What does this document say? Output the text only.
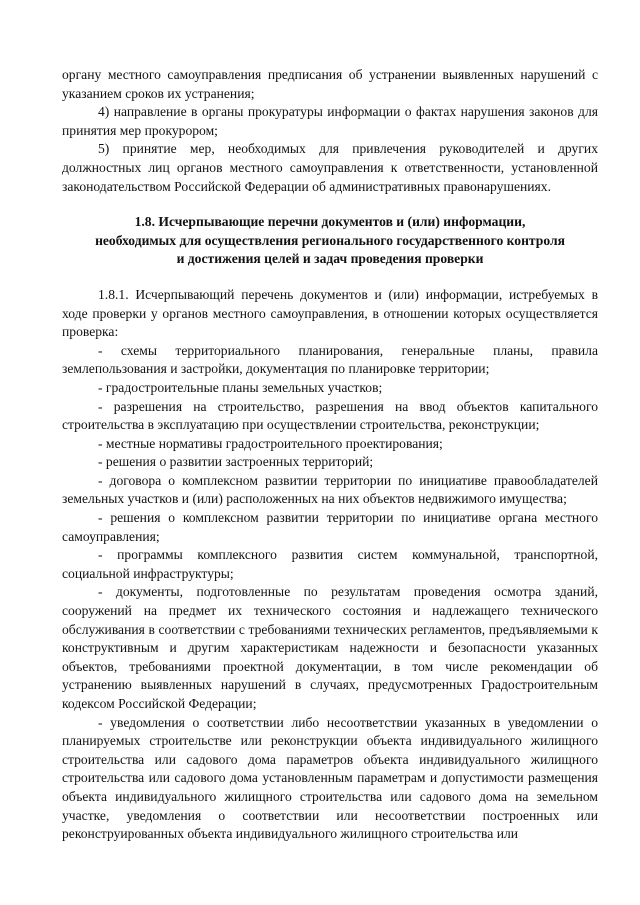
органу местного самоуправления предписания об устранении выявленных нарушений с указанием сроков их устранения;

4) направление в органы прокуратуры информации о фактах нарушения законов для принятия мер прокурором;

5) принятие мер, необходимых для привлечения руководителей и других должностных лиц органов местного самоуправления к ответственности, установленной законодательством Российской Федерации об административных правонарушениях.

1.8. Исчерпывающие перечни документов и (или) информации,
необходимых для осуществления регионального государственного контроля
и достижения целей и задач проведения проверки

1.8.1. Исчерпывающий перечень документов и (или) информации, истребуемых в ходе проверки у органов местного самоуправления, в отношении которых осуществляется проверка:

- схемы территориального планирования, генеральные планы, правила землепользования и застройки, документация по планировке территории;

- градостроительные планы земельных участков;

- разрешения на строительство, разрешения на ввод объектов капитального строительства в эксплуатацию при осуществлении строительства, реконструкции;

- местные нормативы градостроительного проектирования;

- решения о развитии застроенных территорий;

- договора о комплексном развитии территории по инициативе правообладателей земельных участков и (или) расположенных на них объектов недвижимого имущества;

- решения о комплексном развитии территории по инициативе органа местного самоуправления;

- программы комплексного развития систем коммунальной, транспортной, социальной инфраструктуры;

- документы, подготовленные по результатам проведения осмотра зданий, сооружений на предмет их технического состояния и надлежащего технического обслуживания в соответствии с требованиями технических регламентов, предъявляемыми к конструктивным и другим характеристикам надежности и безопасности указанных объектов, требованиями проектной документации, в том числе рекомендации об устранению выявленных нарушений в случаях, предусмотренных Градостроительным кодексом Российской Федерации;

- уведомления о соответствии либо несоответствии указанных в уведомлении о планируемых строительстве или реконструкции объекта индивидуального жилищного строительства или садового дома параметров объекта индивидуального жилищного строительства или садового дома установленным параметрам и допустимости размещения объекта индивидуального жилищного строительства или садового дома на земельном участке, уведомления о соответствии или несоответствии построенных или реконструированных объекта индивидуального жилищного строительства или
